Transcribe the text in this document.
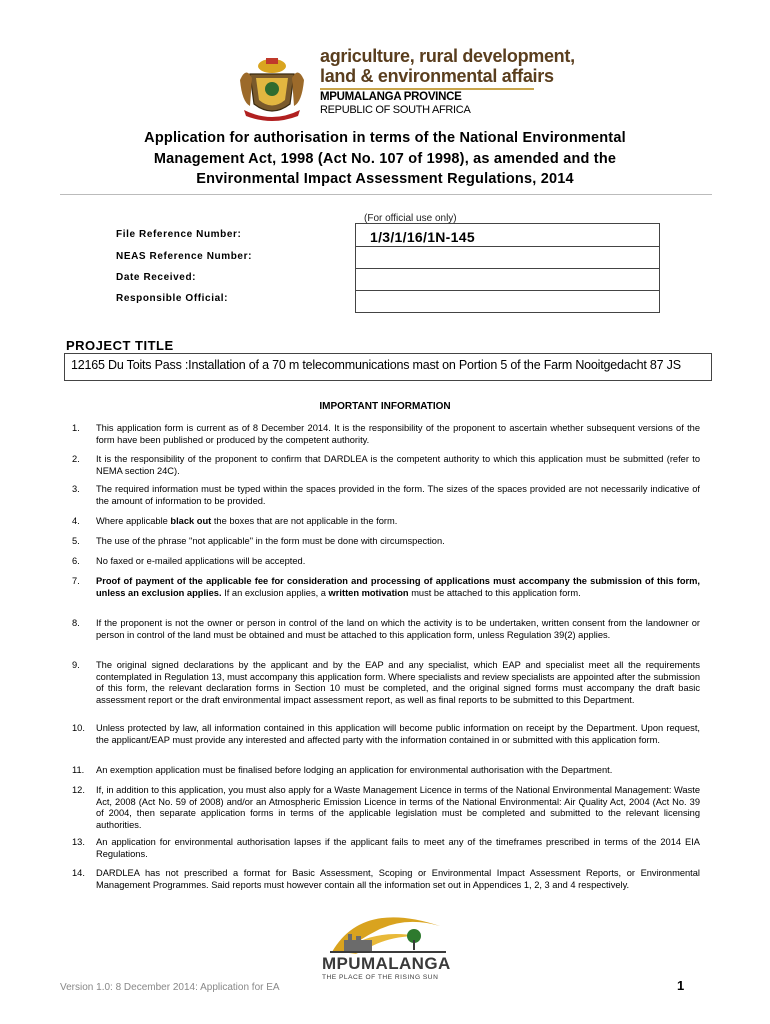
agriculture, rural development,
land & environmental affairs
MPUMALANGA PROVINCE
REPUBLIC OF SOUTH AFRICA
Application for authorisation in terms of the National Environmental
Management Act, 1998 (Act No. 107 of 1998), as amended and the
Environmental Impact Assessment Regulations, 2014
(For official use only)
File Reference Number:
NEAS Reference Number:
Date Received:
Responsible Official:
1/3/1/16/1N-145
PROJECT TITLE
12165 Du Toits Pass :Installation of a 70 m telecommunications mast on Portion 5 of the Farm Nooitgedacht 87 JS
IMPORTANT INFORMATION
1. This application form is current as of 8 December 2014. It is the responsibility of the proponent to ascertain whether subsequent versions of the form have been published or produced by the competent authority.
2. It is the responsibility of the proponent to confirm that DARDLEA is the competent authority to which this application must be submitted (refer to NEMA section 24C).
3. The required information must be typed within the spaces provided in the form. The sizes of the spaces provided are not necessarily indicative of the amount of information to be provided.
4. Where applicable black out the boxes that are not applicable in the form.
5. The use of the phrase "not applicable" in the form must be done with circumspection.
6. No faxed or e-mailed applications will be accepted.
7. Proof of payment of the applicable fee for consideration and processing of applications must accompany the submission of this form, unless an exclusion applies. If an exclusion applies, a written motivation must be attached to this application form.
8. If the proponent is not the owner or person in control of the land on which the activity is to be undertaken, written consent from the landowner or person in control of the land must be obtained and must be attached to this application form, unless Regulation 39(2) applies.
9. The original signed declarations by the applicant and by the EAP and any specialist, which EAP and specialist meet all the requirements contemplated in Regulation 13, must accompany this application form. Where specialists and review specialists are appointed after the submission of this form, the relevant declaration forms in Section 10 must be completed, and the original signed forms must accompany the draft basic assessment report or the draft environmental impact assessment report, as well as final reports to be submitted to this Department.
10. Unless protected by law, all information contained in this application will become public information on receipt by the Department. Upon request, the applicant/EAP must provide any interested and affected party with the information contained in or submitted with this application form.
11. An exemption application must be finalised before lodging an application for environmental authorisation with the Department.
12. If, in addition to this application, you must also apply for a Waste Management Licence in terms of the National Environmental Management: Waste Act, 2008 (Act No. 59 of 2008) and/or an Atmospheric Emission Licence in terms of the National Environmental: Air Quality Act, 2004 (Act No. 39 of 2004, then separate application forms in terms of the applicable legislation must be completed and submitted to the relevant licensing authorities.
13. An application for environmental authorisation lapses if the applicant fails to meet any of the timeframes prescribed in terms of the 2014 EIA Regulations.
14. DARDLEA has not prescribed a format for Basic Assessment, Scoping or Environmental Impact Assessment Reports, or Environmental Management Programmes. Said reports must however contain all the information set out in Appendices 1, 2, 3 and 4 respectively.
MPUMALANGA
THE PLACE OF THE RISING SUN
Version 1.0: 8 December 2014: Application for EA	1
